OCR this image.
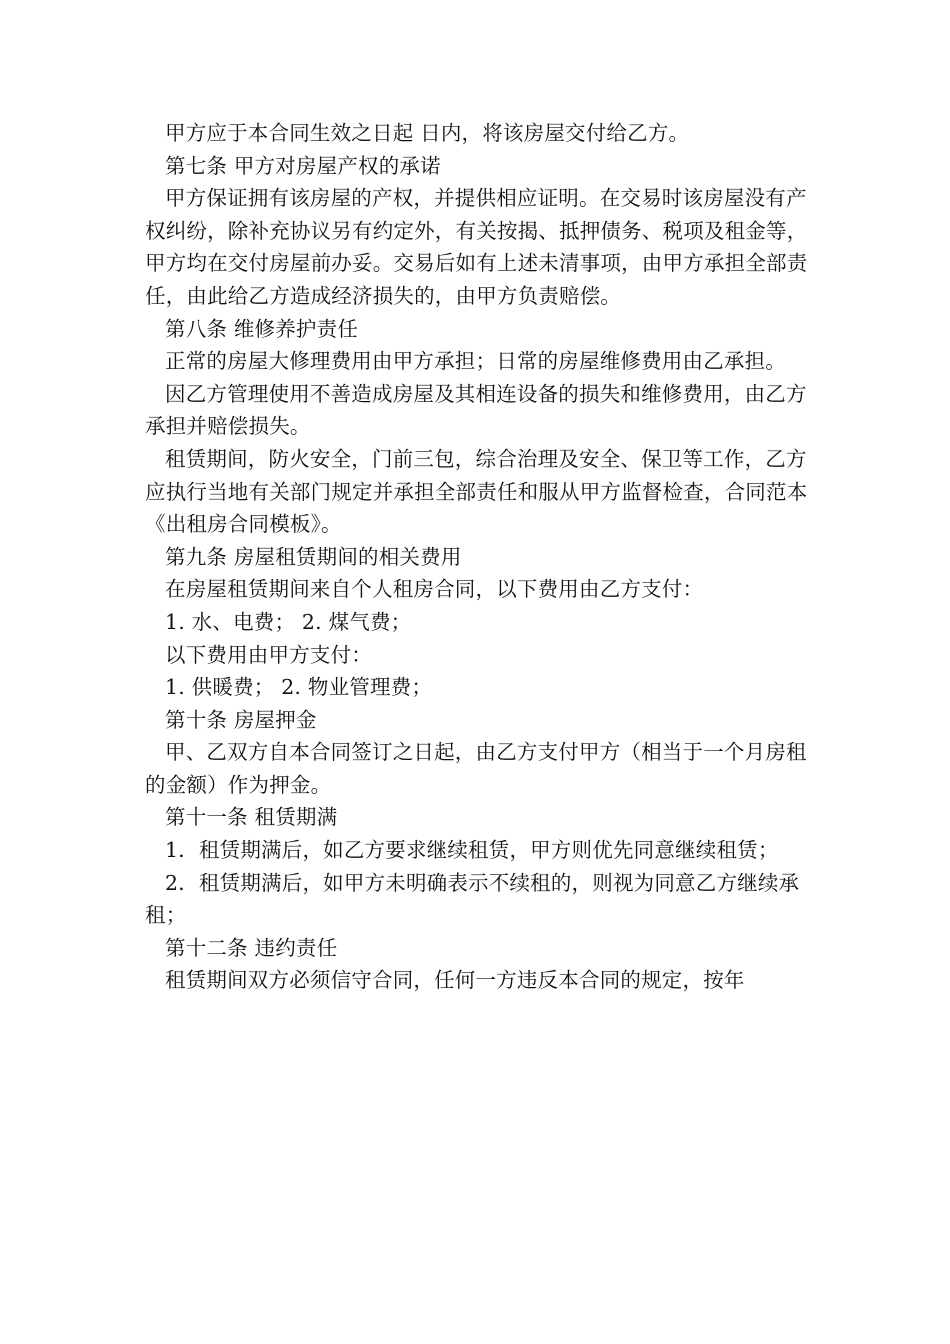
甲方应于本合同生效之日起 日内，将该房屋交付给乙方。

第七条 甲方对房屋产权的承诺

甲方保证拥有该房屋的产权，并提供相应证明。在交易时该房屋没有产权纠纷，除补充协议另有约定外，有关按揭、抵押债务、税项及租金等，甲方均在交付房屋前办妥。交易后如有上述未清事项，由甲方承担全部责任，由此给乙方造成经济损失的，由甲方负责赔偿。

第八条 维修养护责任

正常的房屋大修理费用由甲方承担；日常的房屋维修费用由乙承担。

因乙方管理使用不善造成房屋及其相连设备的损失和维修费用，由乙方承担并赔偿损失。

租赁期间，防火安全，门前三包，综合治理及安全、保卫等工作，乙方应执行当地有关部门规定并承担全部责任和服从甲方监督检查，合同范本《出租房合同模板》。

第九条 房屋租赁期间的相关费用

在房屋租赁期间来自个人租房合同，以下费用由乙方支付：

1. 水、电费； 2. 煤气费；

以下费用由甲方支付：

1. 供暖费； 2. 物业管理费；

第十条 房屋押金

甲、乙双方自本合同签订之日起，由乙方支付甲方（相当于一个月房租的金额）作为押金。

第十一条 租赁期满

1．租赁期满后，如乙方要求继续租赁，甲方则优先同意继续租赁；

2．租赁期满后，如甲方未明确表示不续租的，则视为同意乙方继续承租；

第十二条 违约责任

租赁期间双方必须信守合同，任何一方违反本合同的规定，按年
